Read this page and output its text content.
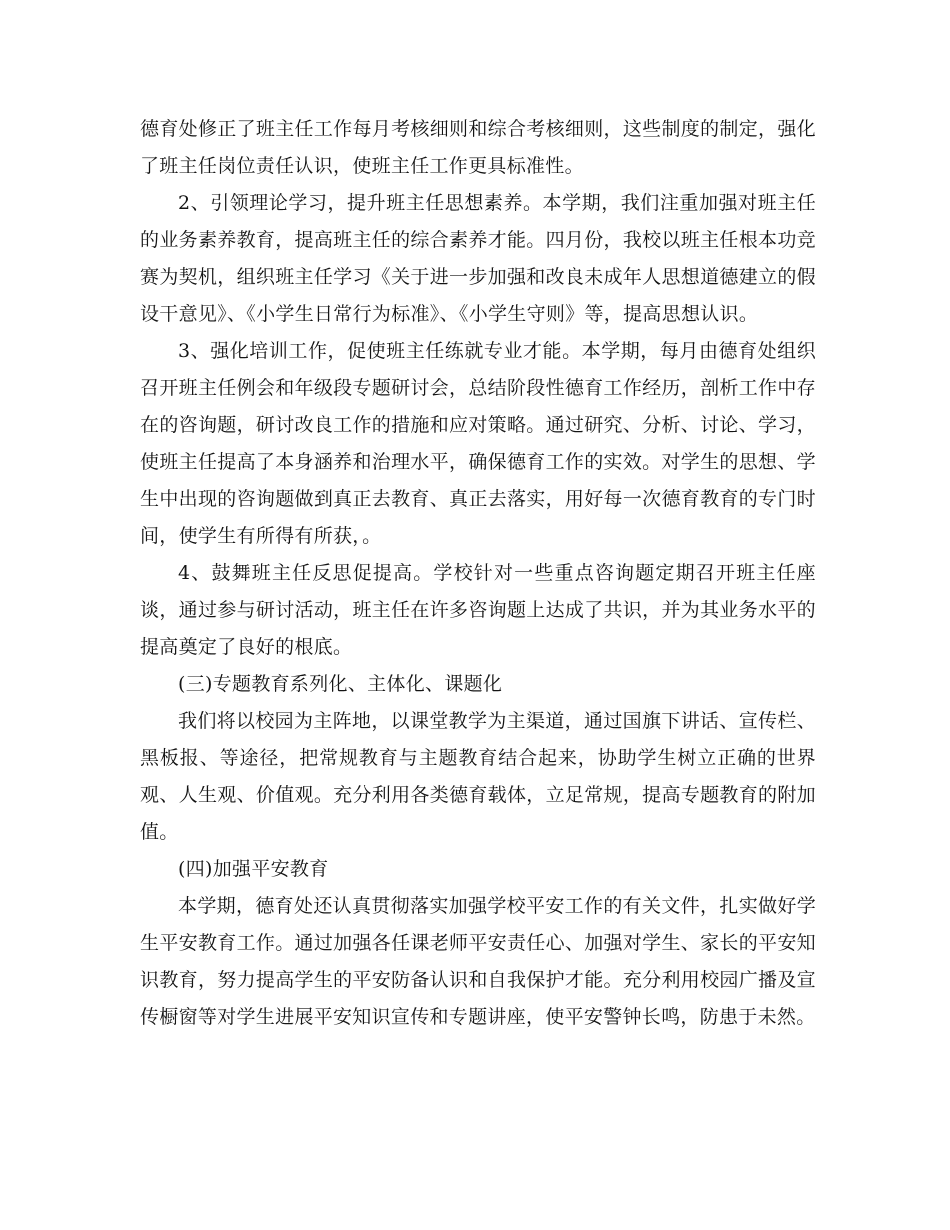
德育处修正了班主任工作每月考核细则和综合考核细则，这些制度的制定，强化了班主任岗位责任认识，使班主任工作更具标准性。

2、引领理论学习，提升班主任思想素养。本学期，我们注重加强对班主任的业务素养教育，提高班主任的综合素养才能。四月份，我校以班主任根本功竞赛为契机，组织班主任学习《关于进一步加强和改良未成年人思想道德建立的假设干意见》、《小学生日常行为标准》、《小学生守则》等，提高思想认识。

3、强化培训工作，促使班主任练就专业才能。本学期，每月由德育处组织召开班主任例会和年级段专题研讨会，总结阶段性德育工作经历，剖析工作中存在的咨询题，研讨改良工作的措施和应对策略。通过研究、分析、讨论、学习，使班主任提高了本身涵养和治理水平，确保德育工作的实效。对学生的思想、学生中出现的咨询题做到真正去教育、真正去落实，用好每一次德育教育的专门时间，使学生有所得有所获，。

4、鼓舞班主任反思促提高。学校针对一些重点咨询题定期召开班主任座谈，通过参与研讨活动，班主任在许多咨询题上达成了共识，并为其业务水平的提高奠定了良好的根底。

(三)专题教育系列化、主体化、课题化

我们将以校园为主阵地，以课堂教学为主渠道，通过国旗下讲话、宣传栏、黑板报、等途径，把常规教育与主题教育结合起来，协助学生树立正确的世界观、人生观、价值观。充分利用各类德育载体，立足常规，提高专题教育的附加值。

(四)加强平安教育

本学期，德育处还认真贯彻落实加强学校平安工作的有关文件，扎实做好学生平安教育工作。通过加强各任课老师平安责任心、加强对学生、家长的平安知识教育，努力提高学生的平安防备认识和自我保护才能。充分利用校园广播及宣传橱窗等对学生进展平安知识宣传和专题讲座，使平安警钟长鸣，防患于未然。
